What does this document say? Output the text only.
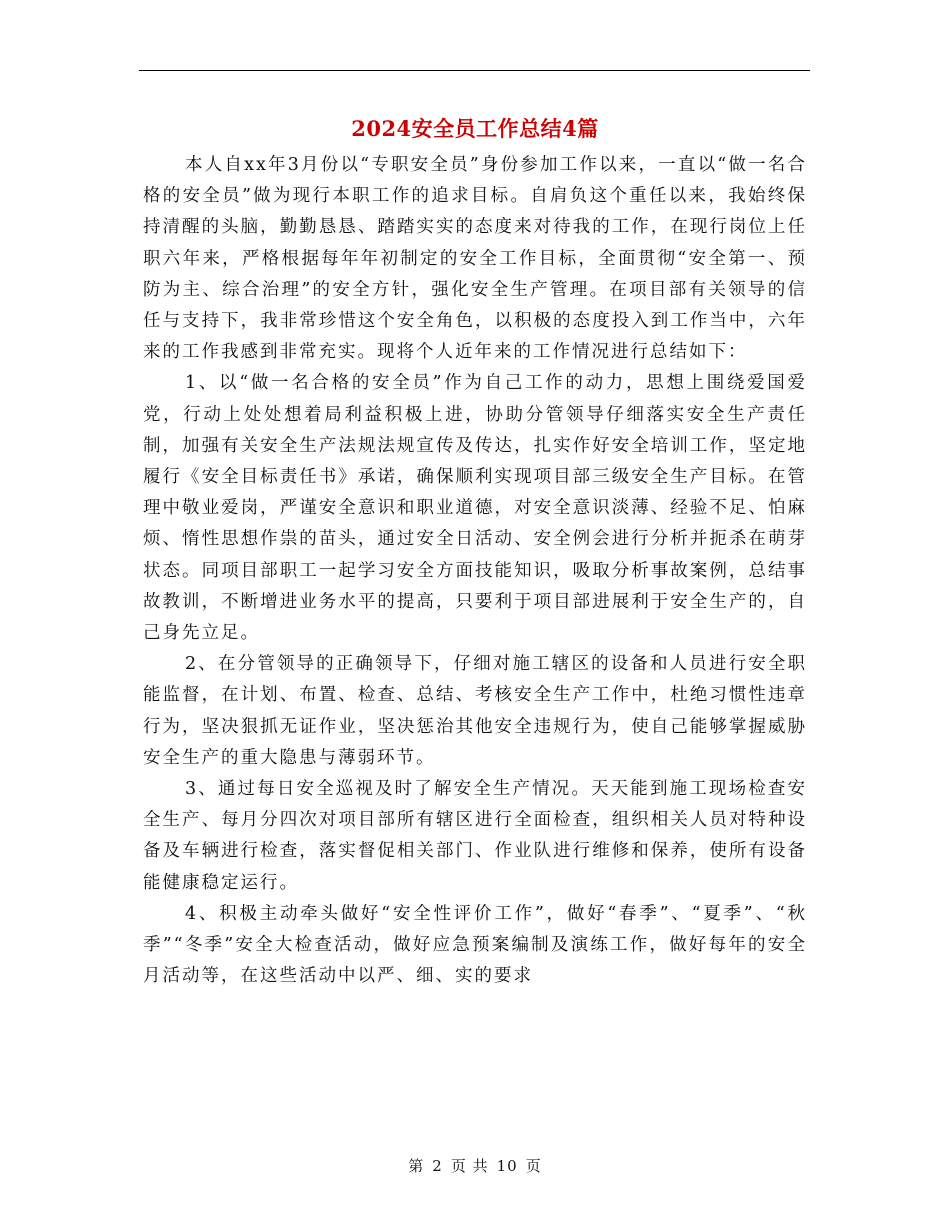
2024安全员工作总结4篇

本人自xx年3月份以“专职安全员”身份参加工作以来，一直以“做一名合格的安全员”做为现行本职工作的追求目标。自肩负这个重任以来，我始终保持清醒的头脑，勤勤恳恳、踏踏实实的态度来对待我的工作，在现行岗位上任职六年来，严格根据每年年初制定的安全工作目标，全面贯彻“安全第一、预防为主、综合治理”的安全方针，强化安全生产管理。在项目部有关领导的信任与支持下，我非常珍惜这个安全角色，以积极的态度投入到工作当中，六年来的工作我感到非常充实。现将个人近年来的工作情况进行总结如下：

1、以“做一名合格的安全员”作为自己工作的动力，思想上围绕爱国爱党，行动上处处想着局利益积极上进，协助分管领导仔细落实安全生产责任制，加强有关安全生产法规法规宣传及传达，扎实作好安全培训工作，坚定地履行《安全目标责任书》承诺，确保顺利实现项目部三级安全生产目标。在管理中敬业爱岗，严谨安全意识和职业道德，对安全意识淡薄、经验不足、怕麻烦、惰性思想作祟的苗头，通过安全日活动、安全例会进行分析并扼杀在萌芽状态。同项目部职工一起学习安全方面技能知识，吸取分析事故案例，总结事故教训，不断增进业务水平的提高，只要利于项目部进展利于安全生产的，自己身先立足。

2、在分管领导的正确领导下，仔细对施工辖区的设备和人员进行安全职能监督，在计划、布置、检查、总结、考核安全生产工作中，杜绝习惯性违章行为，坚决狠抓无证作业，坚决惩治其他安全违规行为，使自己能够掌握威胁安全生产的重大隐患与薄弱环节。

3、通过每日安全巡视及时了解安全生产情况。天天能到施工现场检查安全生产、每月分四次对项目部所有辖区进行全面检查，组织相关人员对特种设备及车辆进行检查，落实督促相关部门、作业队进行维修和保养，使所有设备能健康稳定运行。

4、积极主动牵头做好“安全性评价工作”，做好“春季”、“夏季”、“秋季”“冬季”安全大检查活动，做好应急预案编制及演练工作，做好每年的安全月活动等，在这些活动中以严、细、实的要求

第 2 页 共 10 页
